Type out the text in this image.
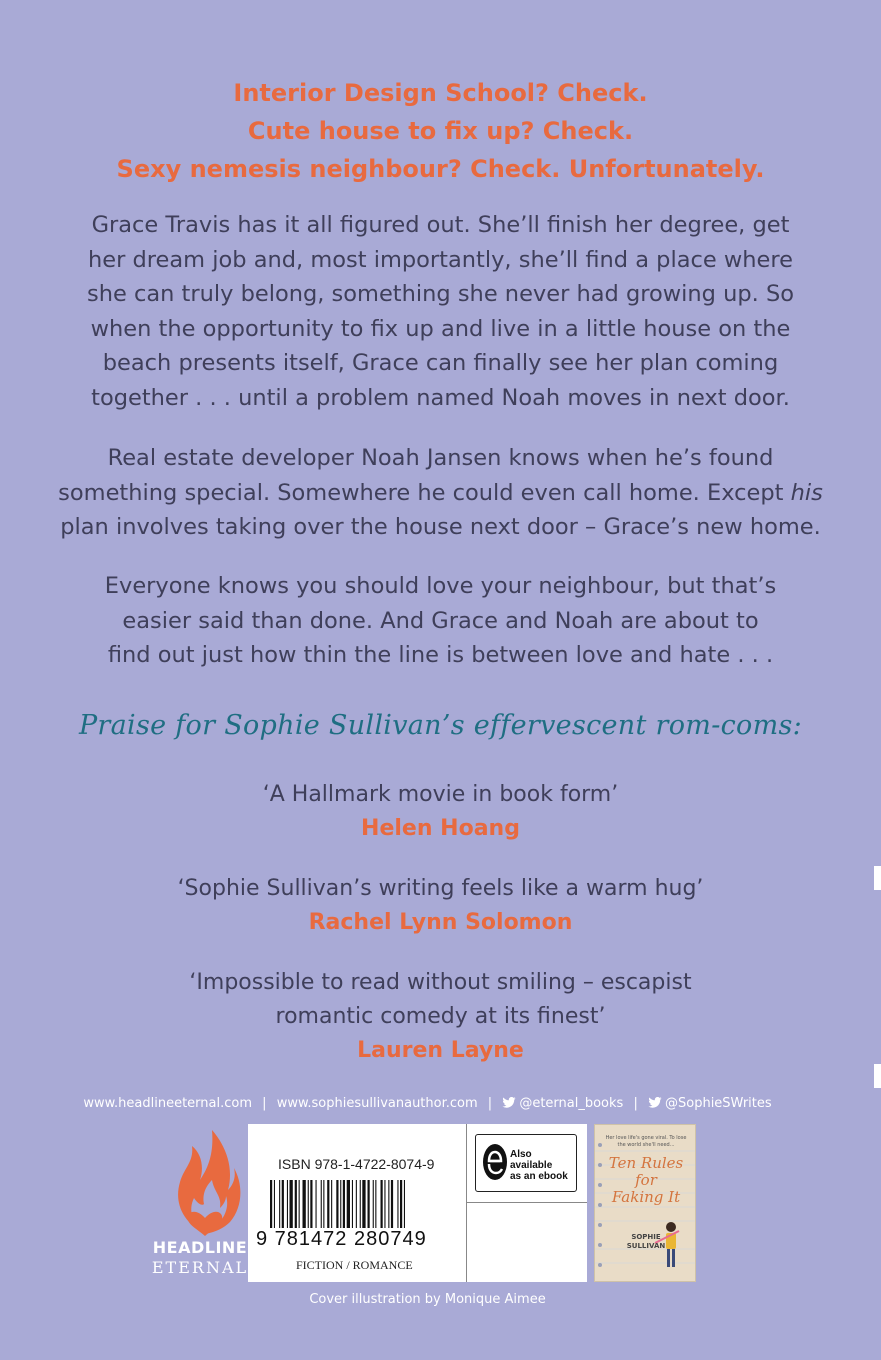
Interior Design School? Check.
Cute house to fix up? Check.
Sexy nemesis neighbour? Check. Unfortunately.
Grace Travis has it all figured out. She’ll finish her degree, get
her dream job and, most importantly, she’ll find a place where
she can truly belong, something she never had growing up. So
when the opportunity to fix up and live in a little house on the
beach presents itself, Grace can finally see her plan coming
together . . . until a problem named Noah moves in next door.
Real estate developer Noah Jansen knows when he’s found
something special. Somewhere he could even call home. Except his
plan involves taking over the house next door – Grace’s new home.
Everyone knows you should love your neighbour, but that’s
easier said than done. And Grace and Noah are about to
find out just how thin the line is between love and hate . . .
Praise for Sophie Sullivan’s effervescent rom-coms:
‘A Hallmark movie in book form’
Helen Hoang
‘Sophie Sullivan’s writing feels like a warm hug’
Rachel Lynn Solomon
‘Impossible to read without smiling – escapist
romantic comedy at its finest’
Lauren Layne
www.headlineeternal.com | www.sophiesullivanauthor.com | @eternal_books | @SophieSWrites
HEADLINE
ETERNAL
ISBN 978-1-4722-8074-9
9 781472 280749
FICTION / ROMANCE
Also available
as an ebook
Her love life's gone viral. To lose the world she'll need...
Ten Rules
for
Faking It
SOPHIE
SULLIVAN
Cover illustration by Monique Aimee
